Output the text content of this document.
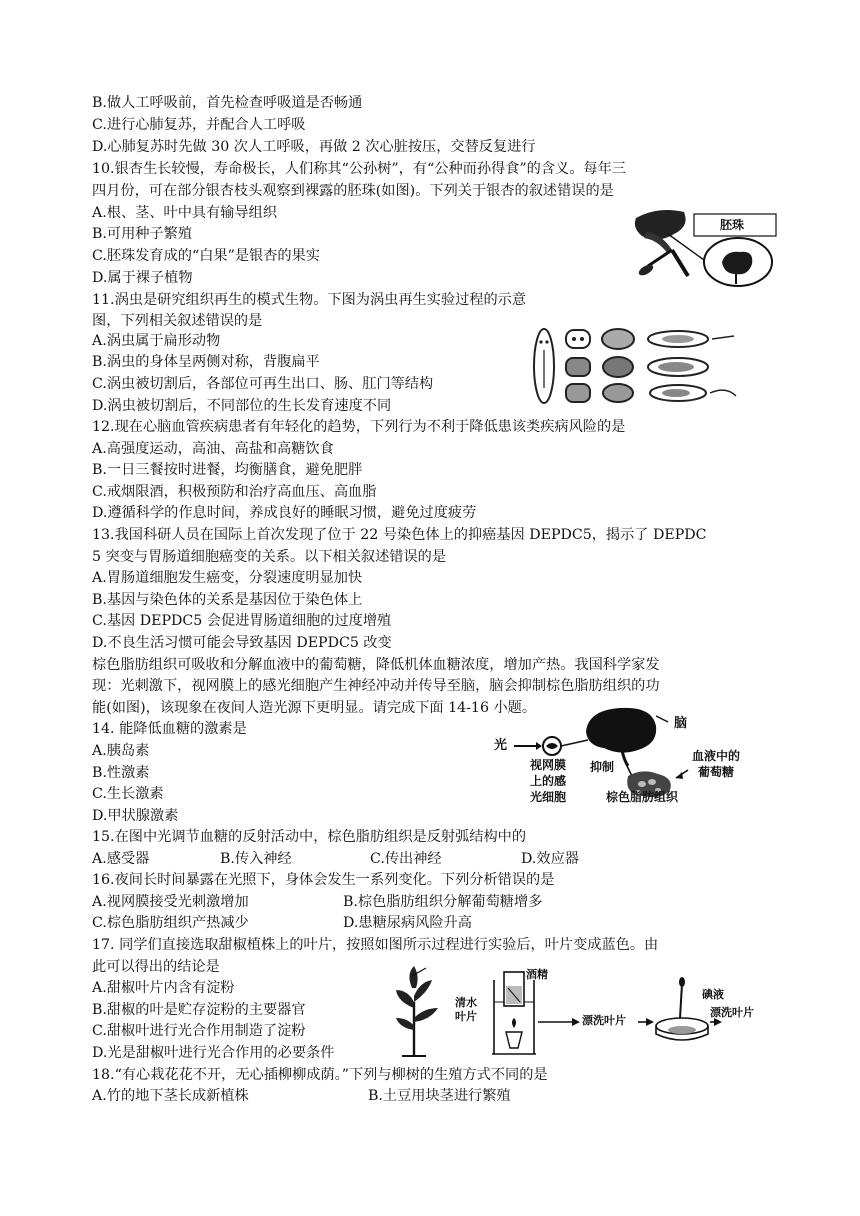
B.做人工呼吸前，首先检查呼吸道是否畅通
C.进行心肺复苏，并配合人工呼吸
D.心肺复苏时先做 30 次人工呼吸，再做 2 次心脏按压，交替反复进行
10.银杏生长较慢，寿命极长，人们称其“公孙树”，有“公种而孙得食”的含义。每年三
四月份，可在部分银杏枝头观察到裸露的胚珠(如图)。下列关于银杏的叙述错误的是
A.根、茎、叶中具有输导组织
B.可用种子繁殖
C.胚珠发育成的“白果”是银杏的果实
D.属于裸子植物
胚珠
11.涡虫是研究组织再生的模式生物。下图为涡虫再生实验过程的示意
图，下列相关叙述错误的是
A.涡虫属于扁形动物
B.涡虫的身体呈两侧对称，背腹扁平
C.涡虫被切割后，各部位可再生出口、肠、肛门等结构
D.涡虫被切割后，不同部位的生长发育速度不同
12.现在心脑血管疾病患者有年轻化的趋势，下列行为不利于降低患该类疾病风险的是
A.高强度运动，高油、高盐和高糖饮食
B.一日三餐按时进餐，均衡膳食，避免肥胖
C.戒烟限酒，积极预防和治疗高血压、高血脂
D.遵循科学的作息时间，养成良好的睡眠习惯，避免过度疲劳
13.我国科研人员在国际上首次发现了位于 22 号染色体上的抑癌基因 DEPDC5，揭示了 DEPDC
5 突变与胃肠道细胞癌变的关系。以下相关叙述错误的是
A.胃肠道细胞发生癌变，分裂速度明显加快
B.基因与染色体的关系是基因位于染色体上
C.基因 DEPDC5 会促进胃肠道细胞的过度增殖
D.不良生活习惯可能会导致基因 DEPDC5 改变
棕色脂肪组织可吸收和分解血液中的葡萄糖，降低机体血糖浓度，增加产热。我国科学家发
现：光刺激下，视网膜上的感光细胞产生神经冲动并传导至脑，脑会抑制棕色脂肪组织的功
能(如图)，该现象在夜间人造光源下更明显。请完成下面 14-16 小题。
14. 能降低血糖的激素是
A.胰岛素
B.性激素
C.生长激素
D.甲状腺激素
光
脑
视网膜
上的感
光细胞
抑制
血液中的
葡萄糖
棕色脂肪组织
15.在图中光调节血糖的反射活动中，棕色脂肪组织是反射弧结构中的
A.感受器	B.传入神经	C.传出神经	D.效应器
16.夜间长时间暴露在光照下，身体会发生一系列变化。下列分析错误的是
A.视网膜接受光刺激增加	B.棕色脂肪组织分解葡萄糖增多
C.棕色脂肪组织产热减少	D.患糖尿病风险升高
17. 同学们直接选取甜椒植株上的叶片，按照如图所示过程进行实验后，叶片变成蓝色。由
此可以得出的结论是
A.甜椒叶片内含有淀粉
B.甜椒的叶是贮存淀粉的主要器官
C.甜椒叶进行光合作用制造了淀粉
D.光是甜椒叶进行光合作用的必要条件
清水
叶片
酒精
漂洗叶片
碘液
漂洗叶片
18.“有心栽花花不开，无心插柳柳成荫。”下列与柳树的生殖方式不同的是
A.竹的地下茎长成新植株	B.土豆用块茎进行繁殖
